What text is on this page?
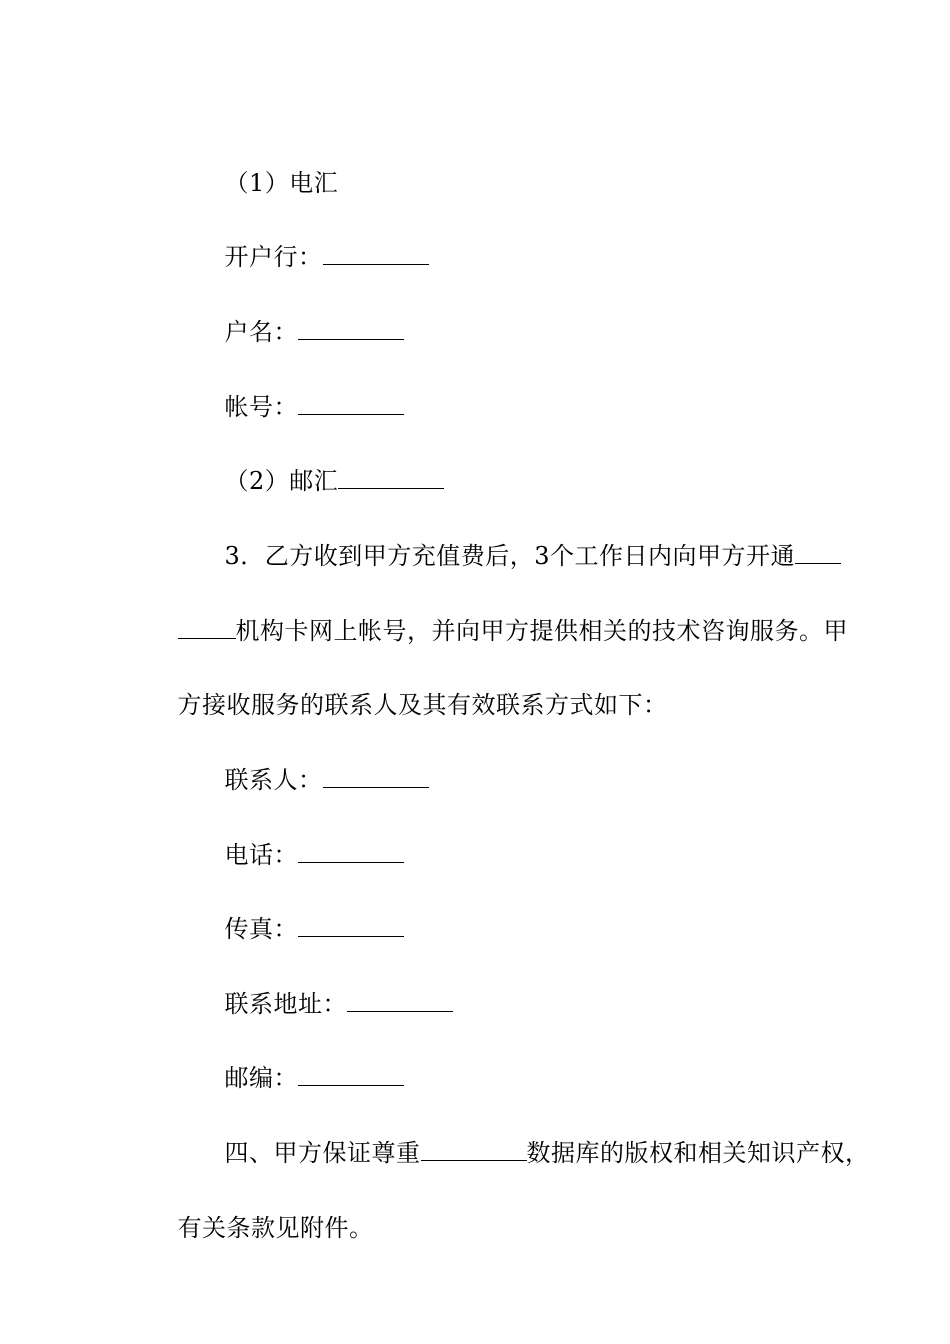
（1）电汇

开户行：

户名：

帐号：

（2）邮汇

3．乙方收到甲方充值费后，3个工作日内向甲方开通

机构卡网上帐号，并向甲方提供相关的技术咨询服务。甲

方接收服务的联系人及其有效联系方式如下：

联系人：

电话：

传真：

联系地址：

邮编：

四、甲方保证尊重	数据库的版权和相关知识产权，

有关条款见附件。
